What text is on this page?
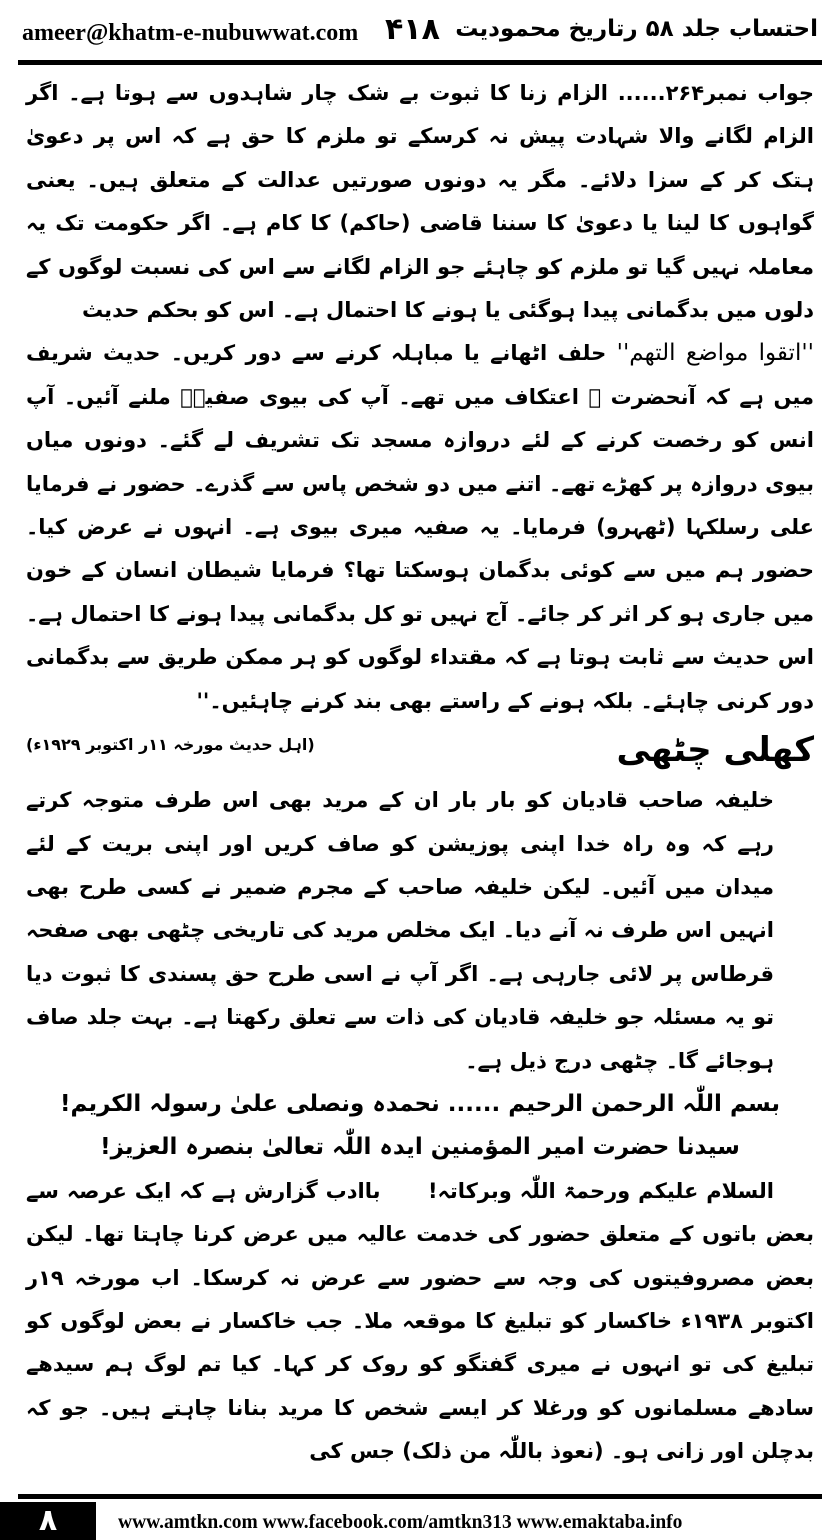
ameer@khatm-e-nubuwwat.com ۴۱۸ احتساب جلد ۵۸ رتاریخ محمودیت

جواب نمبر۲۶۴...... الزام زنا کا ثبوت بے شک چار شاہدوں سے ہوتا ہے۔ اگر الزام لگانے والا شہادت پیش نہ کرسکے تو ملزم کا حق ہے کہ اس پر دعویٰ ہتک کر کے سزا دلائے۔ مگر یہ دونوں صورتیں عدالت کے متعلق ہیں۔ یعنی گواہوں کا لینا یا دعویٰ کا سننا قاضی (حاکم) کا کام ہے۔ اگر حکومت تک یہ معاملہ نہیں گیا تو ملزم کو چاہئے جو الزام لگانے سے اس کی نسبت لوگوں کے دلوں میں بدگمانی پیدا ہوگئی یا ہونے کا احتمال ہے۔ اس کو بحکم حدیث

''اتقوا مواضع التهم'' حلف اٹھانے یا مباہلہ کرنے سے دور کریں۔ حدیث شریف میں ہے کہ آنحضرت ﷺ اعتکاف میں تھے۔ آپ کی بیوی صفیہؓ ملنے آئیں۔ آپ انس کو رخصت کرنے کے لئے دروازہ مسجد تک تشریف لے گئے۔ دونوں میاں بیوی دروازہ پر کھڑے تھے۔ اتنے میں دو شخص پاس سے گذرے۔ حضور نے فرمایا علی رسلکہا (ٹھہرو) فرمایا۔ یہ صفیہ میری بیوی ہے۔ انہوں نے عرض کیا۔ حضور ہم میں سے کوئی بدگمان ہوسکتا تھا؟ فرمایا شیطان انسان کے خون میں جاری ہو کر اثر کر جائے۔ آج نہیں تو کل بدگمانی پیدا ہونے کا احتمال ہے۔ اس حدیث سے ثابت ہوتا ہے کہ مقتداء لوگوں کو ہر ممکن طریق سے بدگمانی دور کرنی چاہئے۔ بلکہ ہونے کے راستے بھی بند کرنے چاہئیں۔''
(اہل حدیث مورخہ ۱۱ر اکتوبر ۱۹۲۹ء)	کھلی چٹھی

خلیفہ صاحب قادیان کو بار بار ان کے مرید بھی اس طرف متوجہ کرتے رہے کہ وہ راہ خدا اپنی پوزیشن کو صاف کریں اور اپنی بریت کے لئے میدان میں آئیں۔ لیکن خلیفہ صاحب کے مجرم ضمیر نے کسی طرح بھی انہیں اس طرف نہ آنے دیا۔ ایک مخلص مرید کی تاریخی چٹھی بھی صفحہ قرطاس پر لائی جارہی ہے۔ اگر آپ نے اسی طرح حق پسندی کا ثبوت دیا تو یہ مسئلہ جو خلیفہ قادیان کی ذات سے تعلق رکھتا ہے۔ بہت جلد صاف ہوجائے گا۔ چٹھی درج ذیل ہے۔

بسم اللّٰہ الرحمن الرحیم ...... نحمدہ ونصلی علیٰ رسولہ الکریم!

سیدنا حضرت امیر المؤمنین ایدہ اللّٰہ تعالیٰ بنصرہ العزیز!

السلام علیکم ورحمۃ اللّٰہ وبرکاتہ!      باادب گزارش ہے کہ ایک عرصہ سے بعض باتوں کے متعلق حضور کی خدمت عالیہ میں عرض کرنا چاہتا تھا۔ لیکن بعض مصروفیتوں کی وجہ سے حضور سے عرض نہ کرسکا۔ اب مورخہ ۱۹ر اکتوبر ۱۹۳۸ء خاکسار کو تبلیغ کا موقعہ ملا۔ جب خاکسار نے بعض لوگوں کو تبلیغ کی تو انہوں نے میری گفتگو کو روک کر کہا۔ کیا تم لوگ ہم سیدھے سادھے مسلمانوں کو ورغلا کر ایسے شخص کا مرید بنانا چاہتے ہیں۔ جو کہ بدچلن اور زانی ہو۔ (نعوذ باللّٰہ من ذلک) جس کی

۸	www.amtkn.com www.facebook.com/amtkn313 www.emaktaba.info
